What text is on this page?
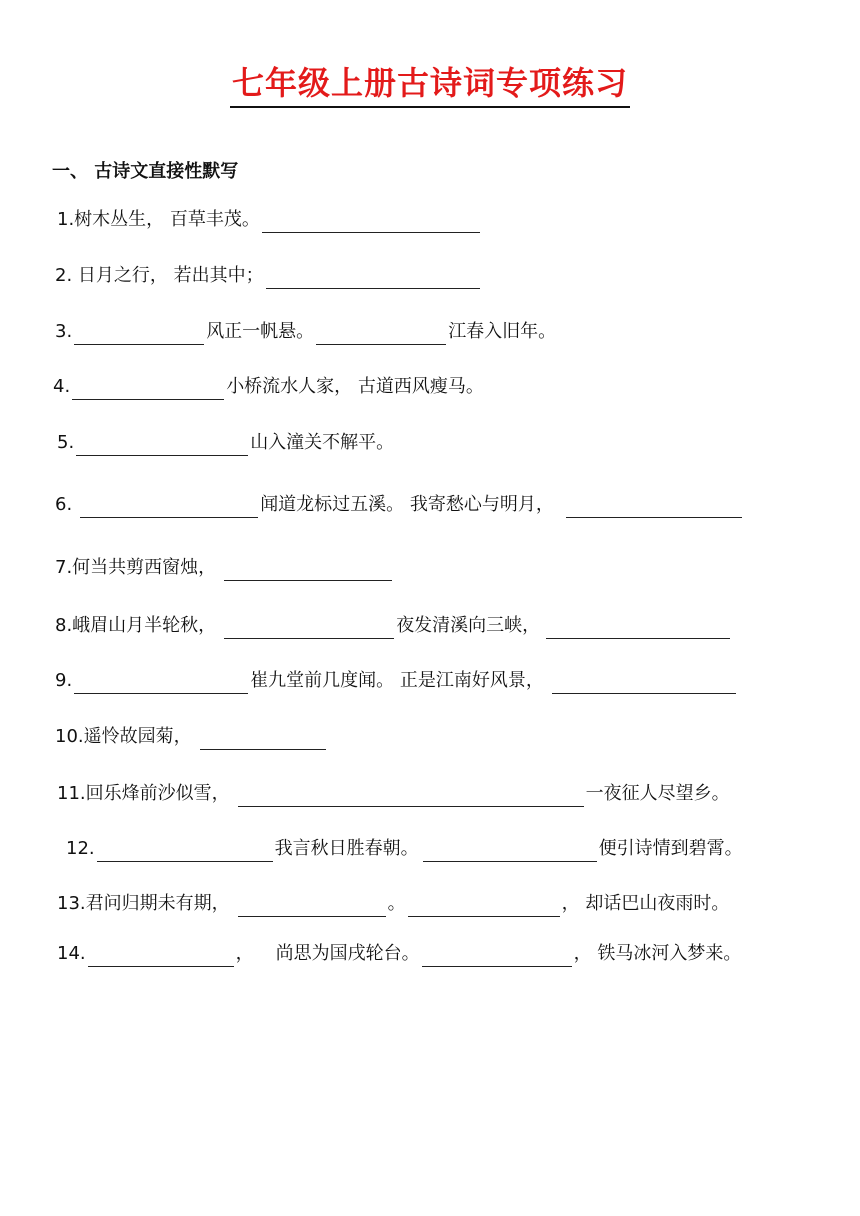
七年级上册古诗词专项练习
一、 古诗文直接性默写
1.树木丛生， 百草丰茂。
2. 日月之行， 若出其中；
3.	风正一帆悬。	江春入旧年。
4.	小桥流水人家， 古道西风瘦马。
5.	山入潼关不解平。
6.	闻道龙标过五溪。 我寄愁心与明月，
7.何当共剪西窗烛，
8.峨眉山月半轮秋，	夜发清溪向三峡，
9.	崔九堂前几度闻。 正是江南好风景，
10.遥怜故园菊，
11.回乐烽前沙似雪，	一夜征人尽望乡。
12.	我言秋日胜春朝。	便引诗情到碧霄。
13.君问归期未有期，	。	， 却话巴山夜雨时。
14.	， 尚思为国戌轮台。	， 铁马冰河入梦来。
